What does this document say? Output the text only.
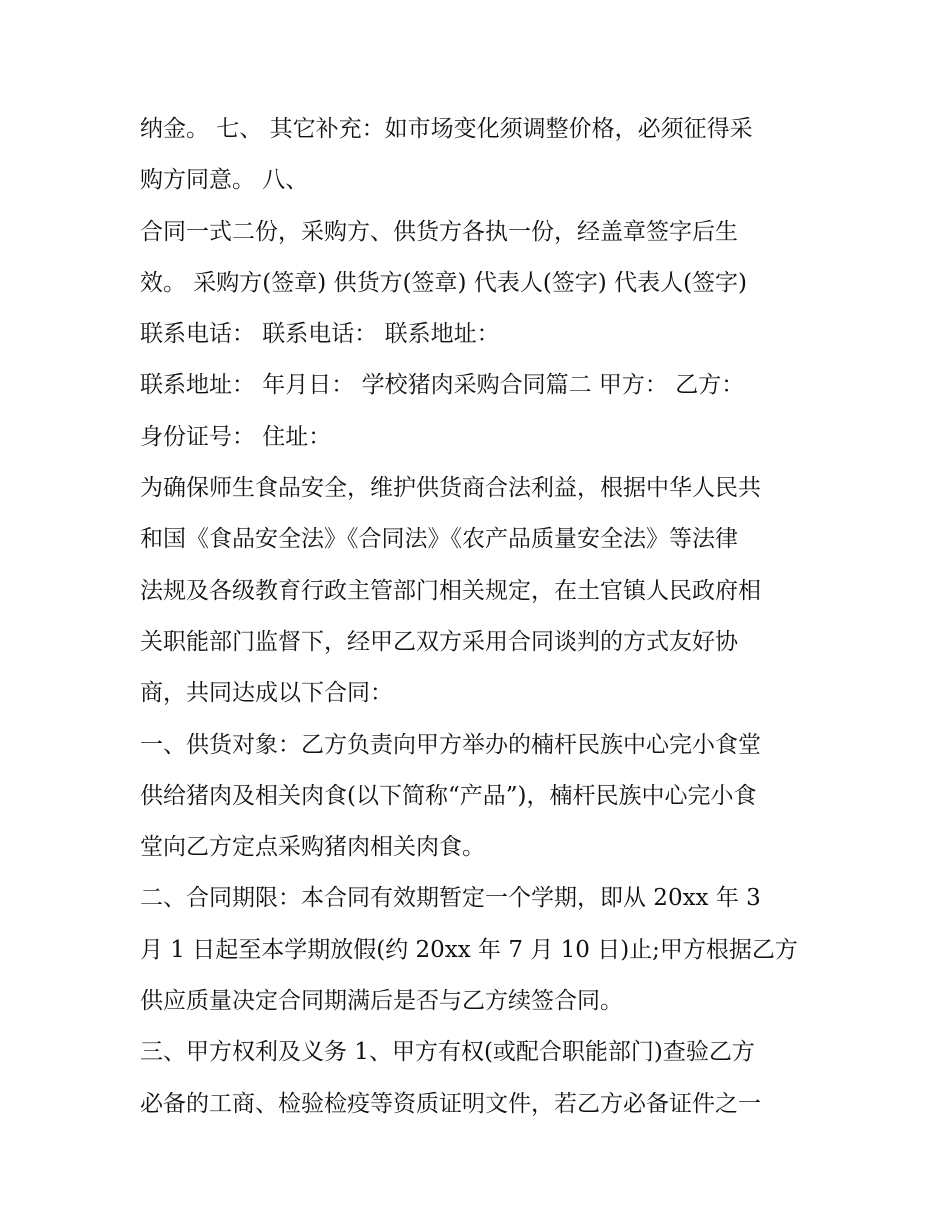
纳金。 七、 其它补充：如市场变化须调整价格，必须征得采
购方同意。 八、
合同一式二份，采购方、供货方各执一份，经盖章签字后生
效。 采购方(签章) 供货方(签章) 代表人(签字) 代表人(签字)
联系电话： 联系电话： 联系地址：
联系地址： 年月日： 学校猪肉采购合同篇二 甲方： 乙方：
身份证号： 住址：
为确保师生食品安全，维护供货商合法利益，根据中华人民共
和国《食品安全法》《合同法》《农产品质量安全法》等法律
法规及各级教育行政主管部门相关规定，在土官镇人民政府相
关职能部门监督下，经甲乙双方采用合同谈判的方式友好协
商，共同达成以下合同：
一、供货对象：乙方负责向甲方举办的楠杆民族中心完小食堂
供给猪肉及相关肉食(以下简称“产品”)，楠杆民族中心完小食
堂向乙方定点采购猪肉相关肉食。
二、合同期限：本合同有效期暂定一个学期，即从 20xx 年 3
月 1 日起至本学期放假(约 20xx 年 7 月 10 日)止;甲方根据乙方
供应质量决定合同期满后是否与乙方续签合同。
三、甲方权利及义务 1、甲方有权(或配合职能部门)查验乙方
必备的工商、检验检疫等资质证明文件，若乙方必备证件之一
